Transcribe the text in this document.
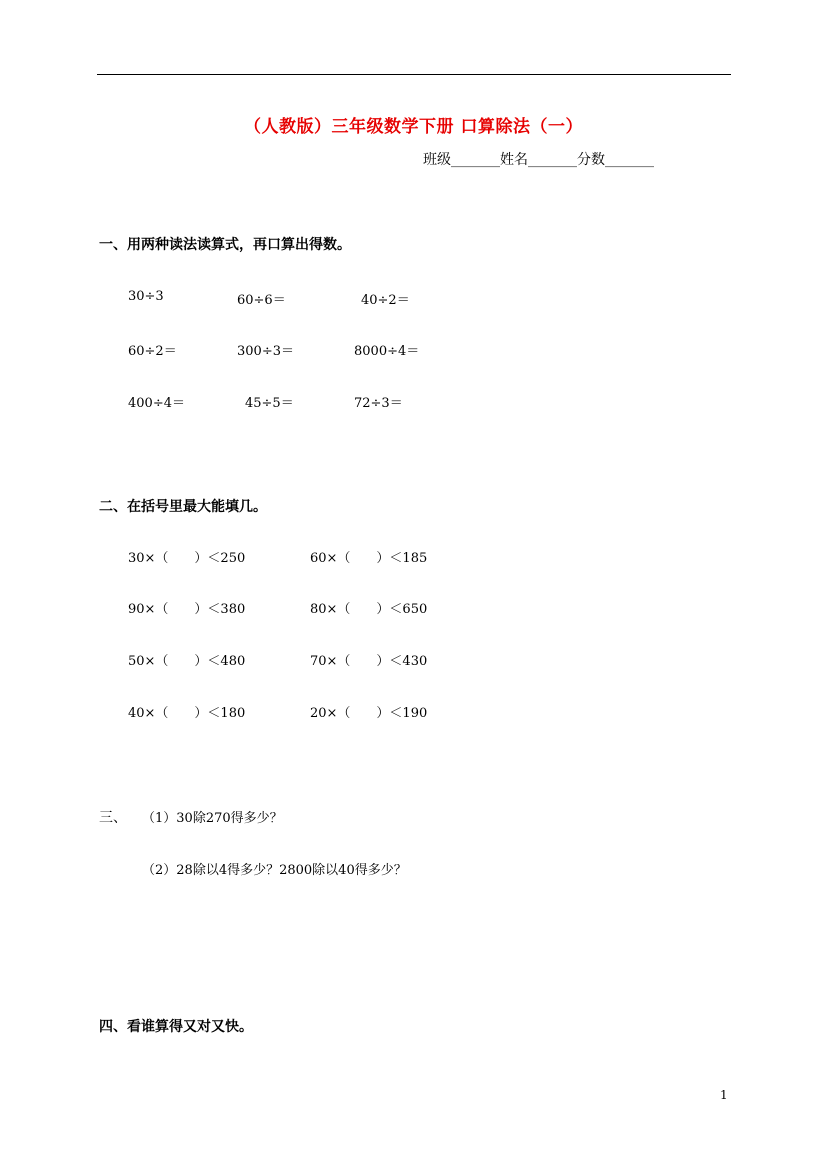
（人教版）三年级数学下册 口算除法（一）
班级_______姓名_______分数_______
一、用两种读法读算式，再口算出得数。
30÷3	60÷6＝	40÷2＝
60÷2＝	300÷3＝	8000÷4＝
400÷4＝	45÷5＝	72÷3＝
二、在括号里最大能填几。
30×（　　）＜250	60×（　　）＜185
90×（　　）＜380	80×（　　）＜650
50×（　　）＜480	70×（　　）＜430
40×（　　）＜180	20×（　　）＜190
三、 （1）30除270得多少？
（2）28除以4得多少？2800除以40得多少？
四、看谁算得又对又快。
1
